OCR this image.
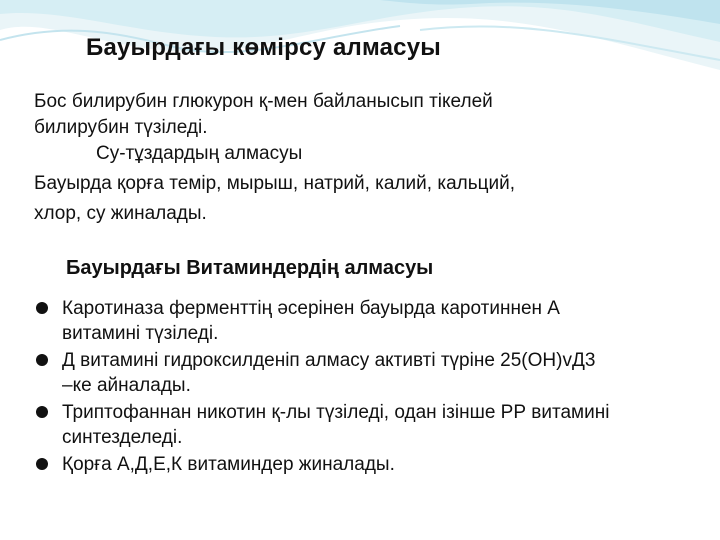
Бауырдағы көмірсу алмасуы
Бос билирубин глюкурон қ-мен байланысып тікелей
билирубин түзіледі.
Су-тұздардың алмасуы
Бауырда қорға темір, мырыш, натрий, калий, кальций,
хлор, су жиналады.
Бауырдағы Витаминдердің алмасуы
Каротиназа ферменттің әсерінен бауырда каротиннен А
витамині түзіледі.
Д витамині гидроксилденіп алмасу активті түріне 25(ОН)vД3
–ке айналады.
Триптофаннан никотин қ-лы түзіледі, одан ізінше РР витамині
синтезделеді.
Қорға А,Д,Е,К витаминдер жиналады.
